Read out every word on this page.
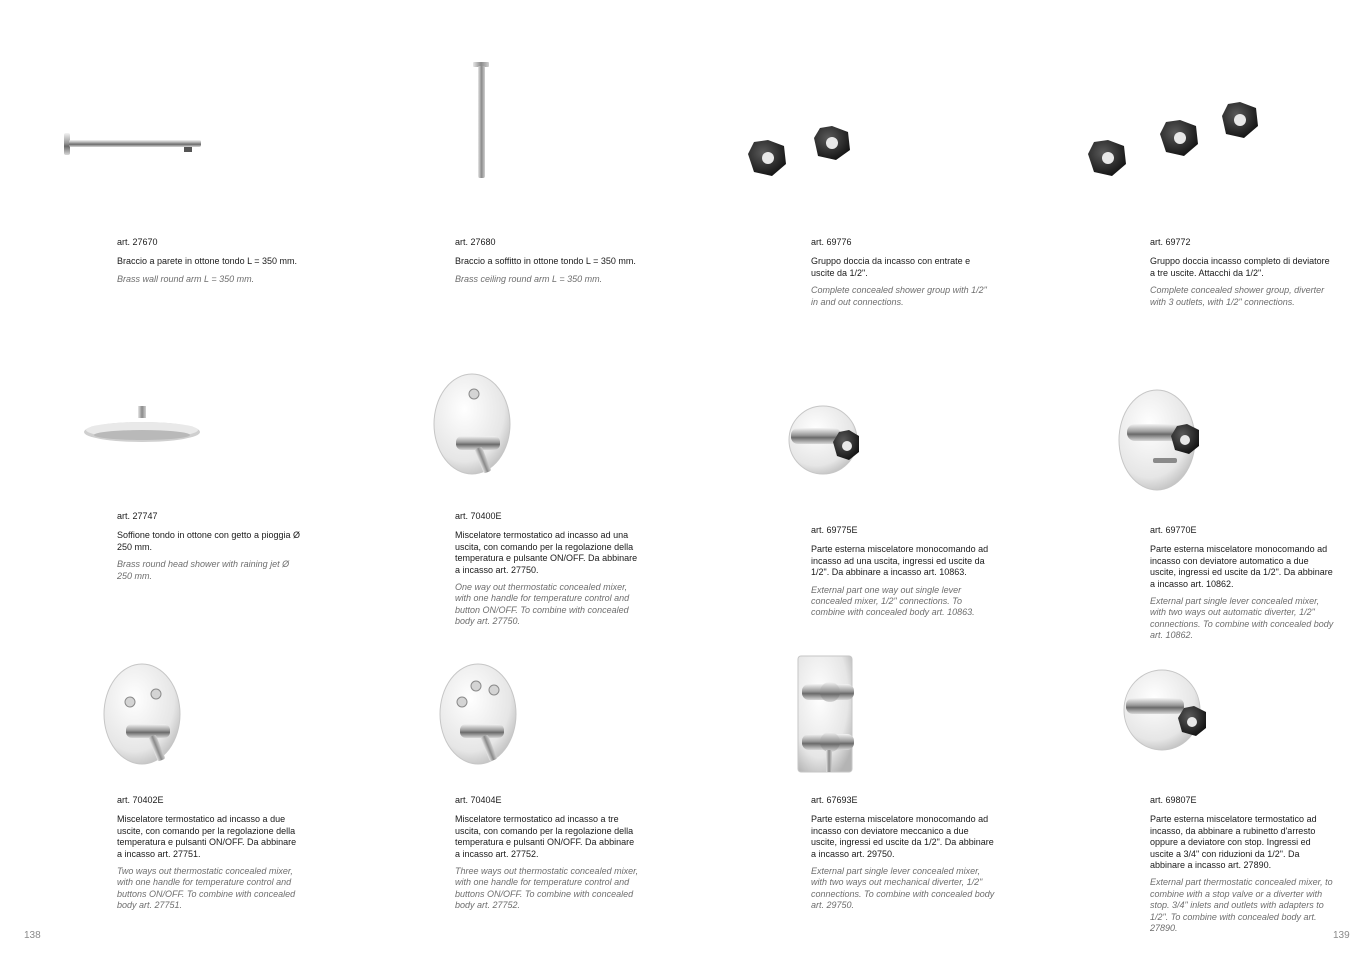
art. 27670
Braccio a parete in ottone tondo L = 350 mm.
Brass wall round arm L = 350 mm.
art. 27680
Braccio a soffitto in ottone tondo L = 350 mm.
Brass ceiling round arm L = 350 mm.
art. 69776
Gruppo doccia da incasso con entrate e uscite da 1/2".
Complete concealed shower group with 1/2" in and out connections.
art. 69772
Gruppo doccia incasso completo di deviatore a tre uscite. Attacchi da 1/2".
Complete concealed shower group, diverter with 3 outlets, with 1/2" connections.
art. 27747
Soffione tondo in ottone con getto a pioggia Ø 250 mm.
Brass round head shower with raining jet Ø 250 mm.
art. 70400E
Miscelatore termostatico ad incasso ad una uscita, con comando per la regolazione della temperatura e pulsante ON/OFF. Da abbinare a incasso art. 27750.
One way out thermostatic concealed mixer, with one handle for temperature control and button ON/OFF. To combine with concealed body art. 27750.
art. 69775E
Parte esterna miscelatore monocomando ad incasso ad una uscita, ingressi ed uscite da 1/2". Da abbinare a incasso art. 10863.
External part one way out single lever concealed mixer, 1/2" connections. To combine with concealed body art. 10863.
art. 69770E
Parte esterna miscelatore monocomando ad incasso con deviatore automatico a due uscite, ingressi ed uscite da 1/2". Da abbinare a incasso art. 10862.
External part single lever concealed mixer, with two ways out automatic diverter, 1/2" connections. To combine with concealed body art. 10862.
art. 70402E
Miscelatore termostatico ad incasso a due uscite, con comando per la regolazione della temperatura e pulsanti ON/OFF. Da abbinare a incasso art. 27751.
Two ways out thermostatic concealed mixer, with one handle for temperature control and buttons ON/OFF. To combine with concealed body art. 27751.
art. 70404E
Miscelatore termostatico ad incasso a tre uscita, con comando per la regolazione della temperatura e pulsanti ON/OFF. Da abbinare a incasso art. 27752.
Three ways out thermostatic concealed mixer, with one handle for temperature control and buttons ON/OFF. To combine with concealed body art. 27752.
art. 67693E
Parte esterna miscelatore monocomando ad incasso con deviatore meccanico a due uscite, ingressi ed uscite da 1/2". Da abbinare a incasso art. 29750.
External part single lever concealed mixer, with two ways out mechanical diverter, 1/2" connections. To combine with concealed body art. 29750.
art. 69807E
Parte esterna miscelatore termostatico ad incasso, da abbinare a rubinetto d'arresto oppure a deviatore con stop. Ingressi ed uscite a 3/4" con riduzioni da 1/2". Da abbinare a incasso art. 27890.
External part thermostatic concealed mixer, to combine with a stop valve or a diverter with stop. 3/4" inlets and outlets with adapters to 1/2". To combine with concealed body art. 27890.
138	139
